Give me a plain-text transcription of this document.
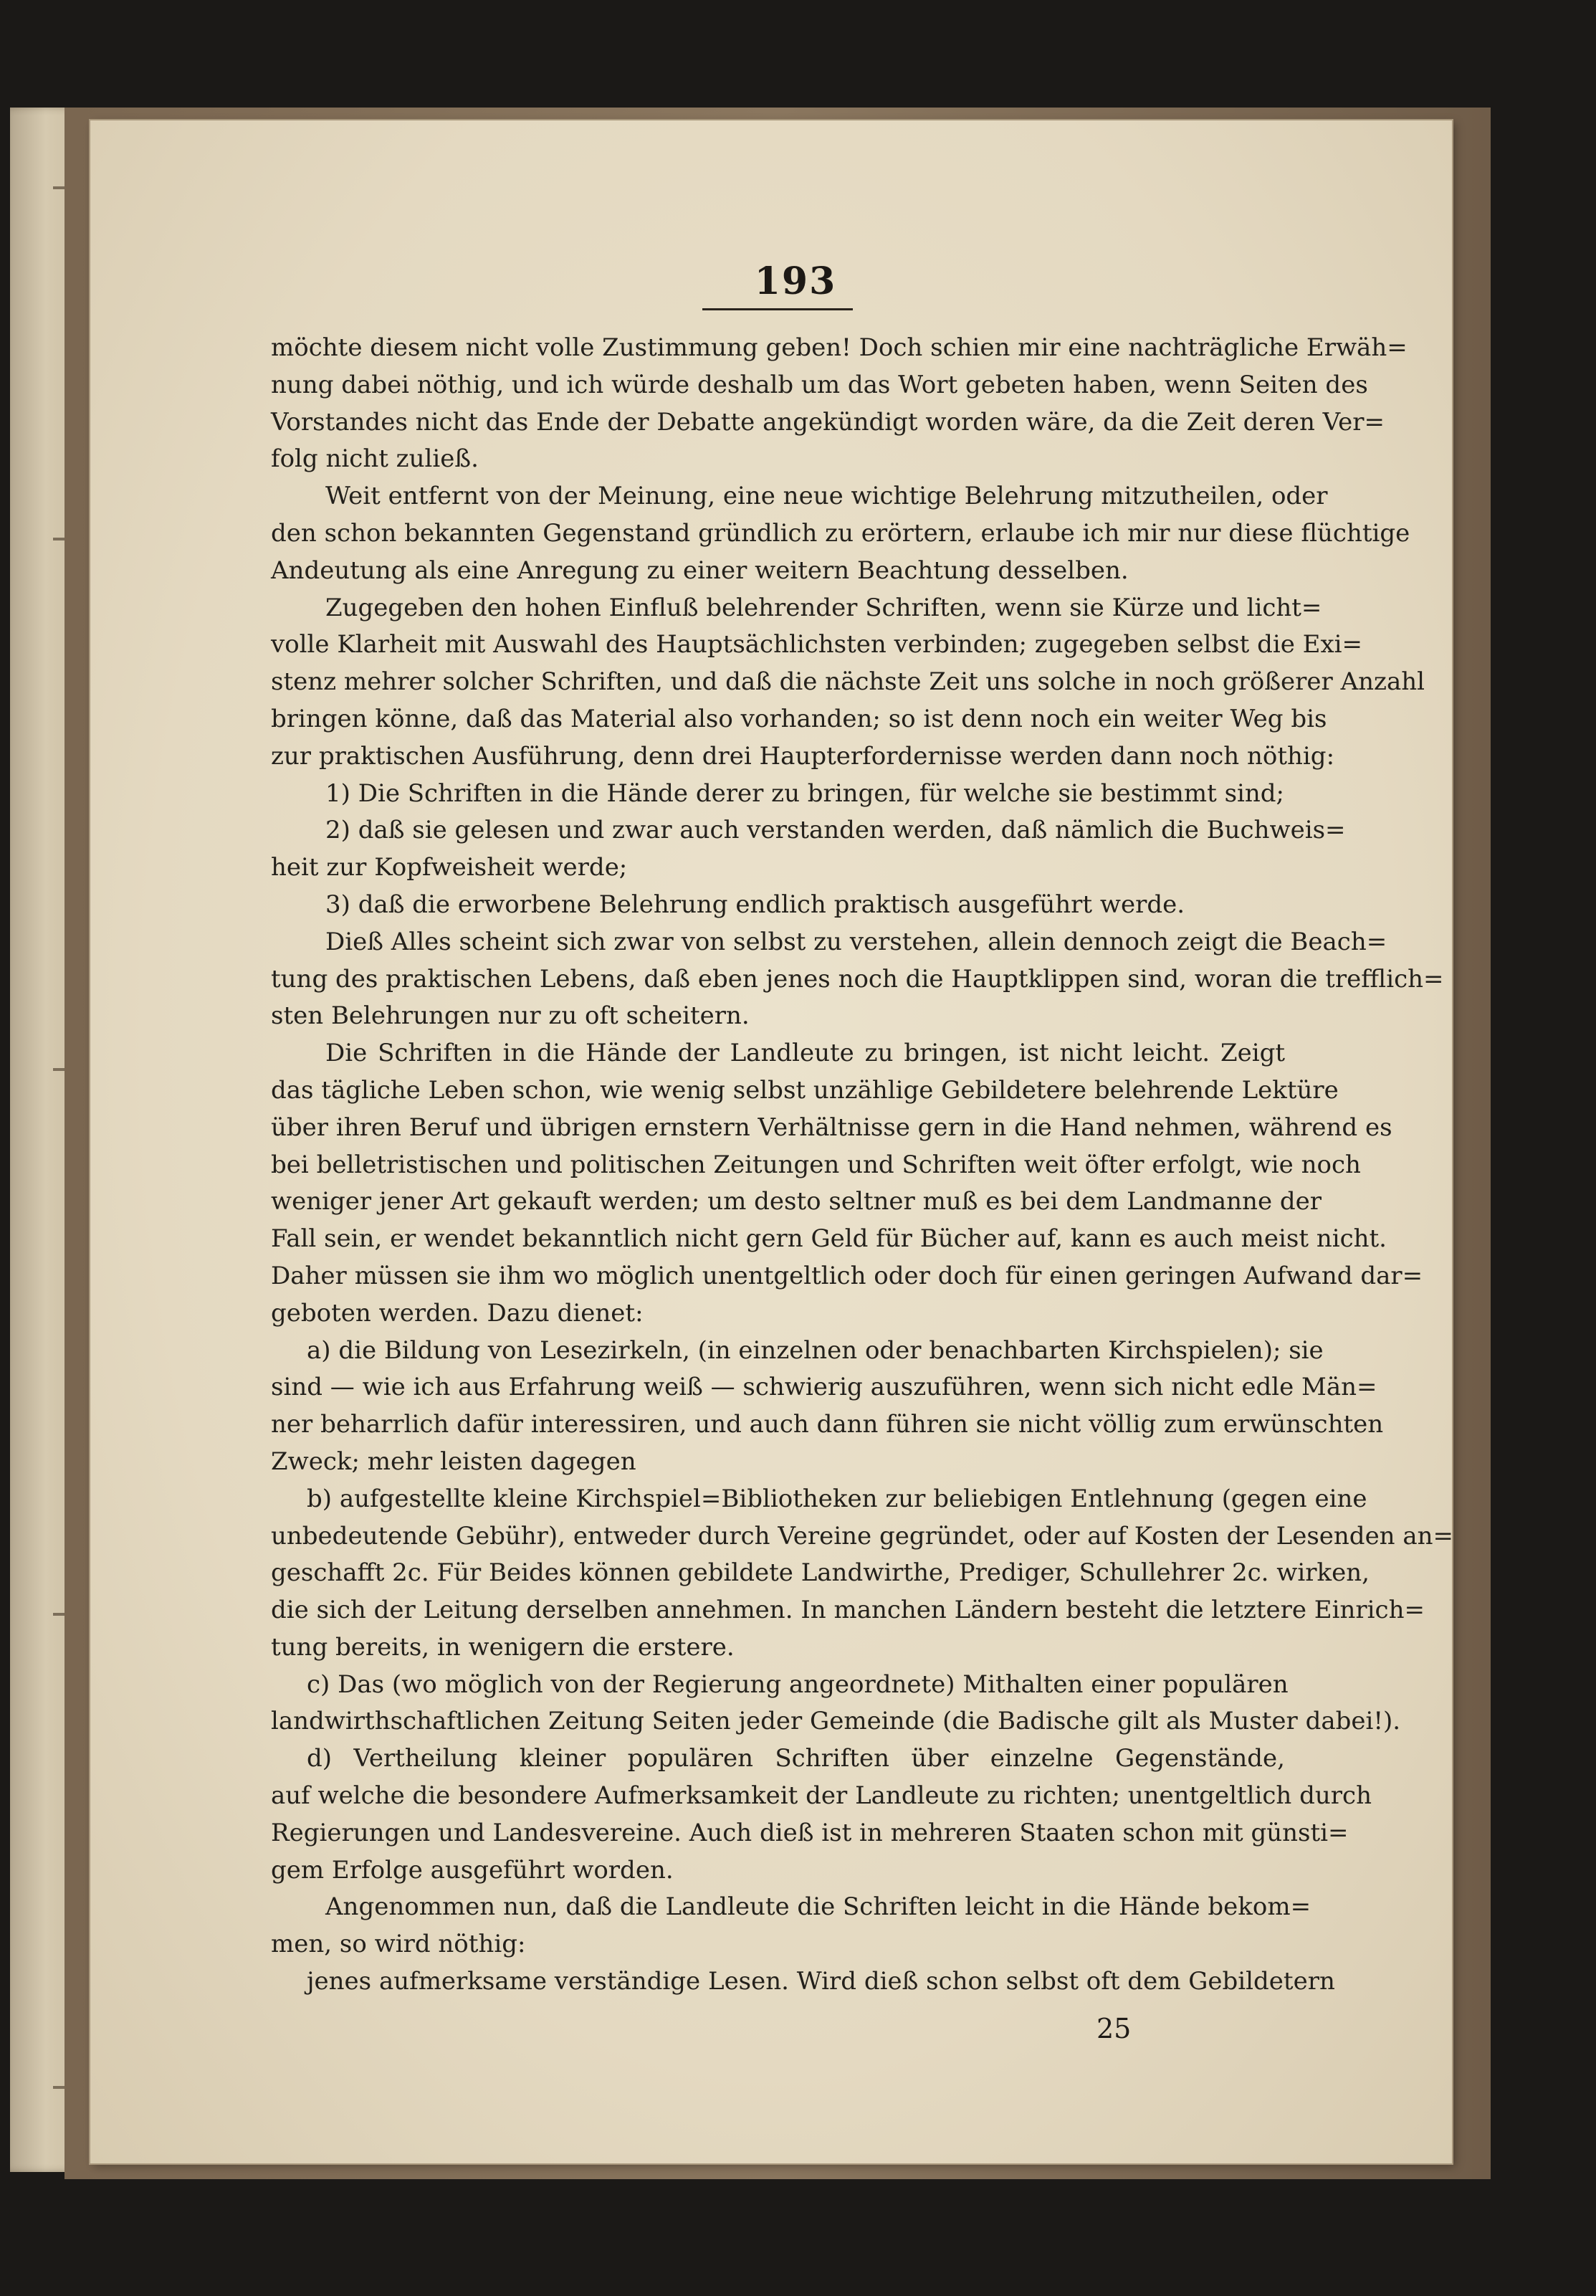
193
möchte diesem nicht volle Zustimmung geben! Doch schien mir eine nachträgliche Erwäh=
nung dabei nöthig, und ich würde deshalb um das Wort gebeten haben, wenn Seiten des
Vorstandes nicht das Ende der Debatte angekündigt worden wäre, da die Zeit deren Ver=
folg nicht zuließ.
Weit entfernt von der Meinung, eine neue wichtige Belehrung mitzutheilen, oder
den schon bekannten Gegenstand gründlich zu erörtern, erlaube ich mir nur diese flüchtige
Andeutung als eine Anregung zu einer weitern Beachtung desselben.
Zugegeben den hohen Einfluß belehrender Schriften, wenn sie Kürze und licht=
volle Klarheit mit Auswahl des Hauptsächlichsten verbinden; zugegeben selbst die Exi=
stenz mehrer solcher Schriften, und daß die nächste Zeit uns solche in noch größerer Anzahl
bringen könne, daß das Material also vorhanden; so ist denn noch ein weiter Weg bis
zur praktischen Ausführung, denn drei Haupterfordernisse werden dann noch nöthig:
1) Die Schriften in die Hände derer zu bringen, für welche sie bestimmt sind;
2) daß sie gelesen und zwar auch verstanden werden, daß nämlich die Buchweis=
heit zur Kopfweisheit werde;
3) daß die erworbene Belehrung endlich praktisch ausgeführt werde.
Dieß Alles scheint sich zwar von selbst zu verstehen, allein dennoch zeigt die Beach=
tung des praktischen Lebens, daß eben jenes noch die Hauptklippen sind, woran die trefflich=
sten Belehrungen nur zu oft scheitern.
Die Schriften in die Hände der Landleute zu bringen, ist nicht leicht. Zeigt
das tägliche Leben schon, wie wenig selbst unzählige Gebildetere belehrende Lektüre
über ihren Beruf und übrigen ernstern Verhältnisse gern in die Hand nehmen, während es
bei belletristischen und politischen Zeitungen und Schriften weit öfter erfolgt, wie noch
weniger jener Art gekauft werden; um desto seltner muß es bei dem Landmanne der
Fall sein, er wendet bekanntlich nicht gern Geld für Bücher auf, kann es auch meist nicht.
Daher müssen sie ihm wo möglich unentgeltlich oder doch für einen geringen Aufwand dar=
geboten werden. Dazu dienet:
a) die Bildung von Lesezirkeln, (in einzelnen oder benachbarten Kirchspielen); sie
sind — wie ich aus Erfahrung weiß — schwierig auszuführen, wenn sich nicht edle Män=
ner beharrlich dafür interessiren, und auch dann führen sie nicht völlig zum erwünschten
Zweck; mehr leisten dagegen
b) aufgestellte kleine Kirchspiel=Bibliotheken zur beliebigen Entlehnung (gegen eine
unbedeutende Gebühr), entweder durch Vereine gegründet, oder auf Kosten der Lesenden an=
geschafft 2c. Für Beides können gebildete Landwirthe, Prediger, Schullehrer 2c. wirken,
die sich der Leitung derselben annehmen. In manchen Ländern besteht die letztere Einrich=
tung bereits, in wenigern die erstere.
c) Das (wo möglich von der Regierung angeordnete) Mithalten einer populären
landwirthschaftlichen Zeitung Seiten jeder Gemeinde (die Badische gilt als Muster dabei!).
d) Vertheilung kleiner populären Schriften über einzelne Gegenstände,
auf welche die besondere Aufmerksamkeit der Landleute zu richten; unentgeltlich durch
Regierungen und Landesvereine. Auch dieß ist in mehreren Staaten schon mit günsti=
gem Erfolge ausgeführt worden.
Angenommen nun, daß die Landleute die Schriften leicht in die Hände bekom=
men, so wird nöthig:
jenes aufmerksame verständige Lesen. Wird dieß schon selbst oft dem Gebildetern
25
